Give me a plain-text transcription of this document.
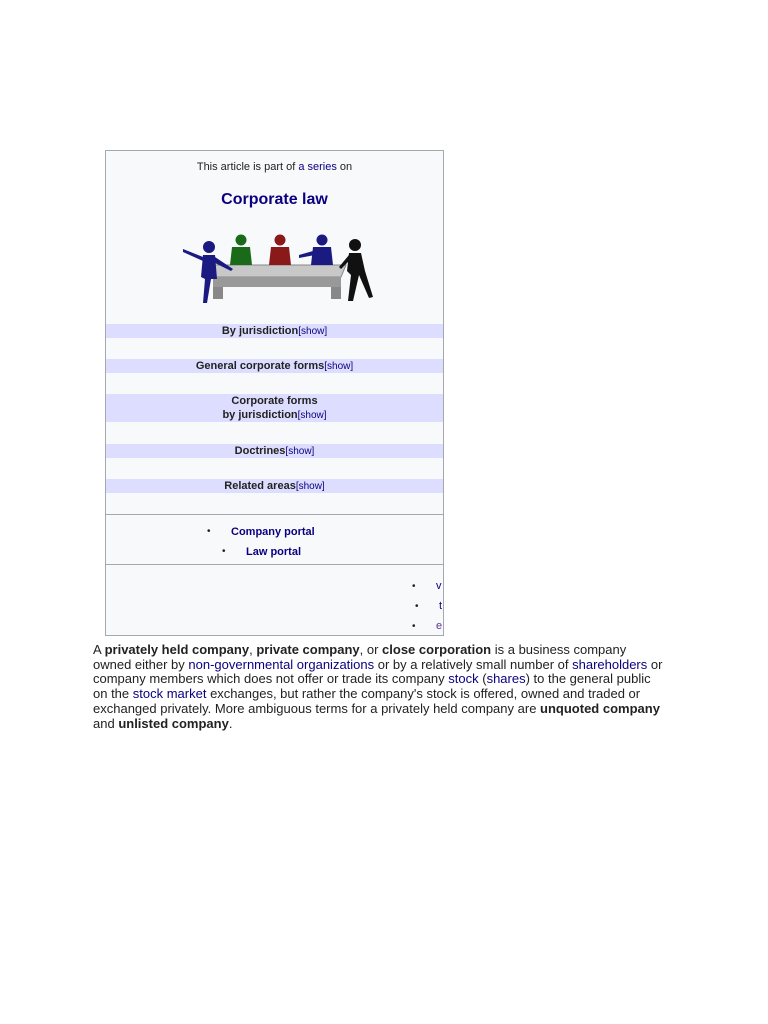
This article is part of a series on
Corporate law
By jurisdiction[show]
General corporate forms[show]
Corporate forms
by jurisdiction[show]
Doctrines[show]
Related areas[show]
• Company portal
• Law portal
• v
• t
• e

A privately held company, private company, or close corporation is a business company owned either by non-governmental organizations or by a relatively small number of shareholders or company members which does not offer or trade its company stock (shares) to the general public on the stock market exchanges, but rather the company's stock is offered, owned and traded or exchanged privately. More ambiguous terms for a privately held company are unquoted company and unlisted company.
